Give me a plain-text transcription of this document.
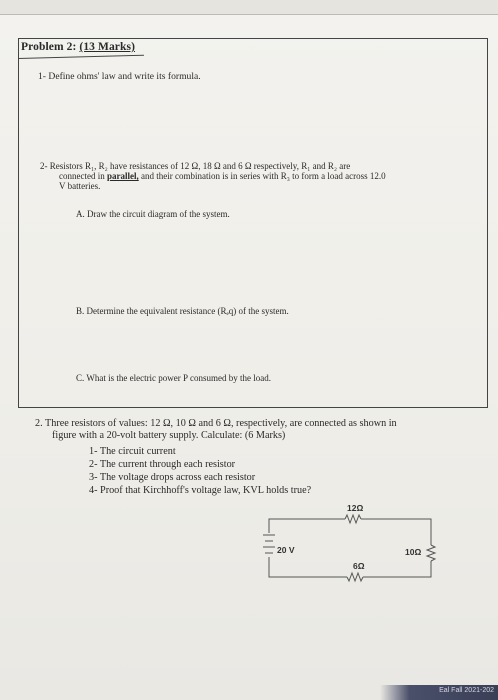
Problem 2: (13 Marks)
1- Define ohms' law and write its formula.
2- Resistors R₁, R₂ have resistances of 12 Ω, 18 Ω and 6 Ω respectively, R₁ and R₂ are
connected in parallel, and their combination is in series with R₃ to form a load across 12.0
V batteries.
A. Draw the circuit diagram of the system.
B. Determine the equivalent resistance (Rₑq) of the system.
C. What is the electric power P consumed by the load.
2. Three resistors of values: 12 Ω, 10 Ω and 6 Ω, respectively, are connected as shown in
figure with a 20-volt battery supply. Calculate: (6 Marks)
1- The circuit current
2- The current through each resistor
3- The voltage drops across each resistor
4- Proof that Kirchhoff's voltage law, KVL holds true?
12Ω
10Ω
6Ω
20 V
Eal Fall 2021-202
